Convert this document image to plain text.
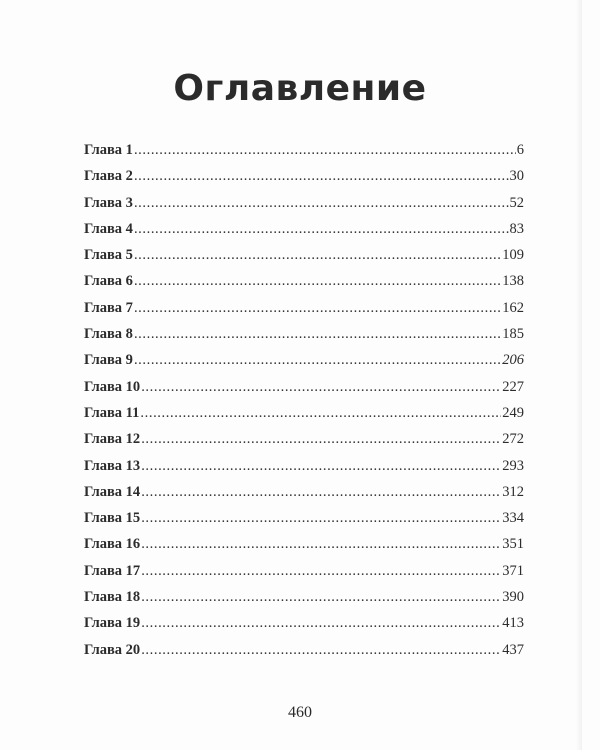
Оглавление
Глава 1 .....	6
Глава 2 .....	30
Глава 3 .....	52
Глава 4 .....	83
Глава 5 .....	109
Глава 6 .....	138
Глава 7 .....	162
Глава 8 .....	185
Глава 9 .....	206
Глава 10 .....	227
Глава 11 .....	249
Глава 12 .....	272
Глава 13 .....	293
Глава 14 .....	312
Глава 15 .....	334
Глава 16 .....	351
Глава 17 .....	371
Глава 18 .....	390
Глава 19 .....	413
Глава 20 .....	437
460
